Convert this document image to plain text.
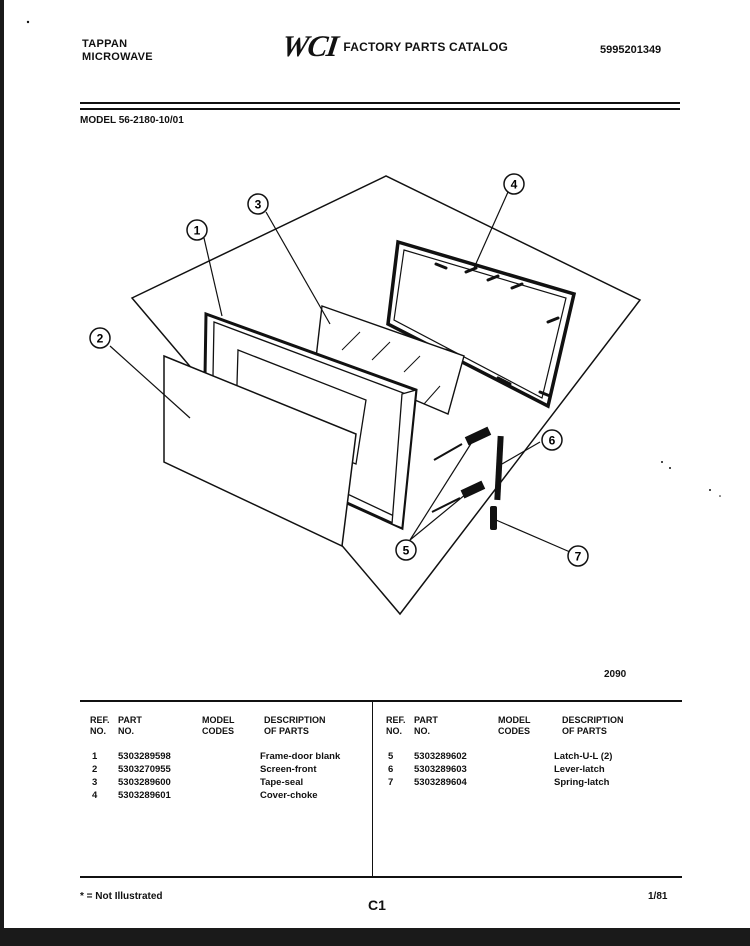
TAPPAN
MICROWAVE	WCI FACTORY PARTS CATALOG	5995201349
MODEL 56-2180-10/01
1
2
3
4
5
6
7
2090
REF.
NO.
PART
NO.
MODEL
CODES
DESCRIPTION
OF PARTS
REF.
NO.
PART
NO.
MODEL
CODES
DESCRIPTION
OF PARTS
1 5303289598	Frame-door blank
2 5303270955	Screen-front
3 5303289600	Tape-seal
4 5303289601	Cover-choke
5 5303289602	Latch-U-L (2)
6 5303289603	Lever-latch
7 5303289604	Spring-latch
* = Not Illustrated
C1
1/81
